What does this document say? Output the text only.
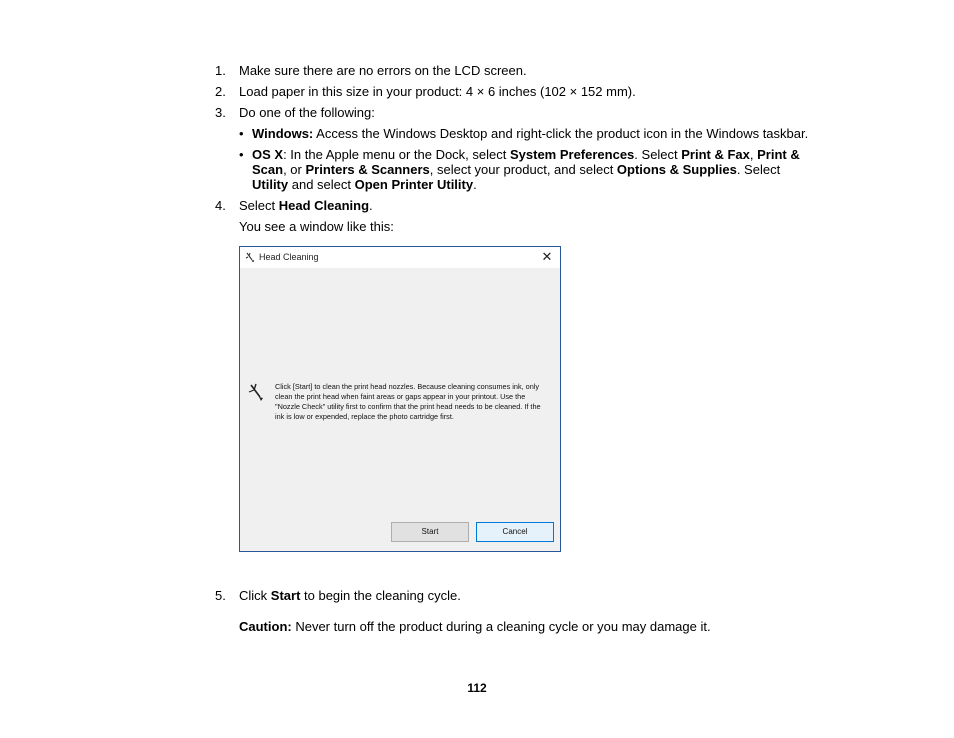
1.	Make sure there are no errors on the LCD screen.
2.	Load paper in this size in your product: 4 × 6 inches (102 × 152 mm).
3.	Do one of the following:
• Windows: Access the Windows Desktop and right-click the product icon in the Windows taskbar.
• OS X: In the Apple menu or the Dock, select System Preferences. Select Print & Fax, Print & Scan, or Printers & Scanners, select your product, and select Options & Supplies. Select Utility and select Open Printer Utility.
4.	Select Head Cleaning.
You see a window like this:
Head Cleaning	✕
Click [Start] to clean the print head nozzles. Because cleaning consumes ink, only clean the print head when faint areas or gaps appear in your printout. Use the "Nozzle Check" utility first to confirm that the print head needs to be cleaned. If the ink is low or expended, replace the photo cartridge first.
Start	Cancel
5.	Click Start to begin the cleaning cycle.
Caution: Never turn off the product during a cleaning cycle or you may damage it.
112
